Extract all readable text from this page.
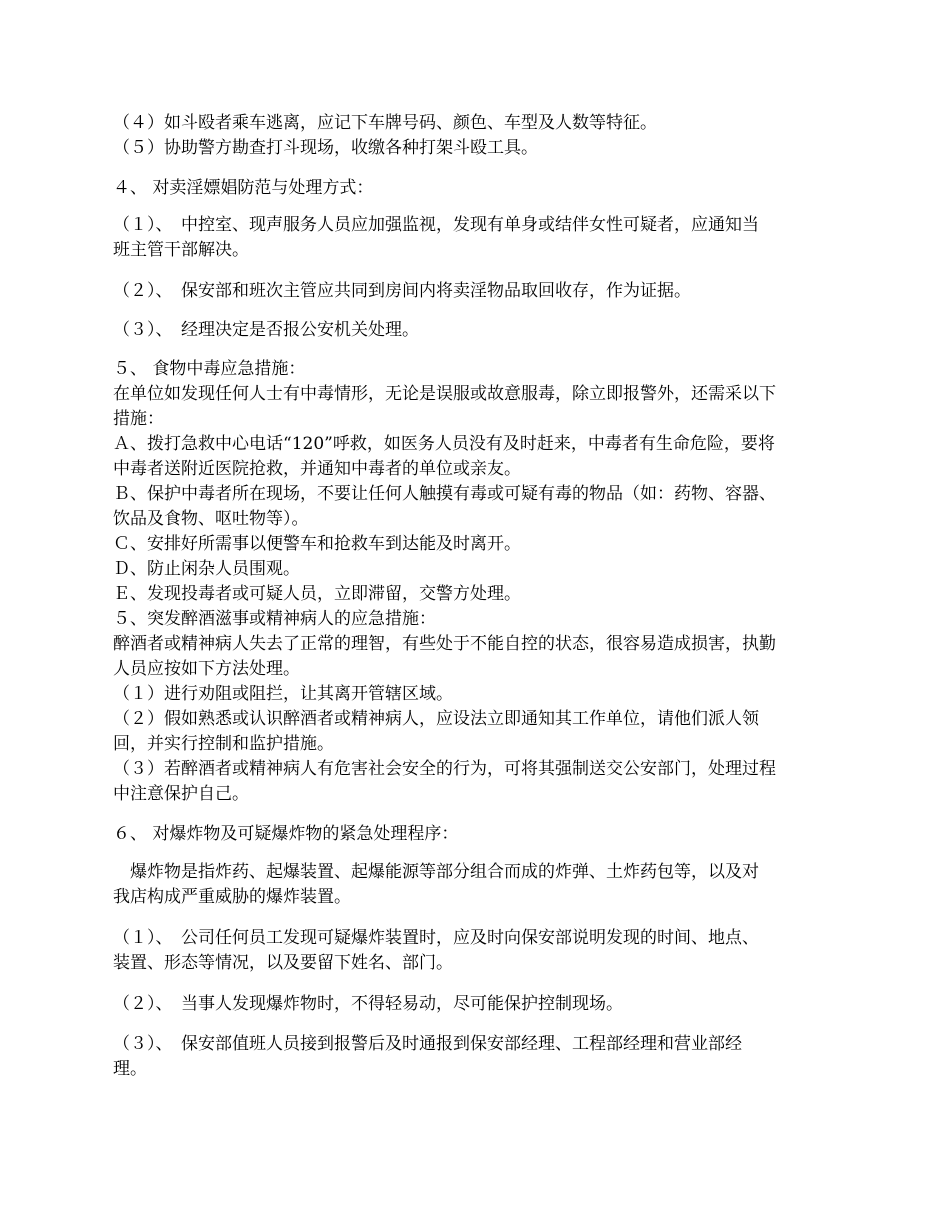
（４）如斗殴者乘车逃离，应记下车牌号码、颜色、车型及人数等特征。
（５）协助警方勘查打斗现场，收缴各种打架斗殴工具。
４、 对卖淫嫖娼防范与处理方式：
（１）、　中控室、现声服务人员应加强监视，发现有单身或结伴女性可疑者，应通知当
班主管干部解决。
（２）、　保安部和班次主管应共同到房间内将卖淫物品取回收存，作为证据。
（３）、　经理决定是否报公安机关处理。
５、 食物中毒应急措施：
在单位如发现任何人士有中毒情形，无论是误服或故意服毒，除立即报警外，还需采以下
措施：
Ａ、拨打急救中心电话“120”呼救，如医务人员没有及时赶来，中毒者有生命危险，要将
中毒者送附近医院抢救，并通知中毒者的单位或亲友。
Ｂ、保护中毒者所在现场，不要让任何人触摸有毒或可疑有毒的物品（如：药物、容器、
饮品及食物、呕吐物等）。
Ｃ、安排好所需事以便警车和抢救车到达能及时离开。
Ｄ、防止闲杂人员围观。
Ｅ、发现投毒者或可疑人员，立即滞留，交警方处理。
５、突发醉酒滋事或精神病人的应急措施：
醉酒者或精神病人失去了正常的理智，有些处于不能自控的状态，很容易造成损害，执勤
人员应按如下方法处理。
（１）进行劝阻或阻拦，让其离开管辖区域。
（２）假如熟悉或认识醉酒者或精神病人，应设法立即通知其工作单位，请他们派人领
回，并实行控制和监护措施。
（３）若醉酒者或精神病人有危害社会安全的行为，可将其强制送交公安部门，处理过程
中注意保护自己。
６、 对爆炸物及可疑爆炸物的紧急处理程序：
　爆炸物是指炸药、起爆装置、起爆能源等部分组合而成的炸弹、土炸药包等，以及对
我店构成严重威胁的爆炸装置。
（１）、　公司任何员工发现可疑爆炸装置时，应及时向保安部说明发现的时间、地点、
装置、形态等情况，以及要留下姓名、部门。
（２）、　当事人发现爆炸物时，不得轻易动，尽可能保护控制现场。
（３）、　保安部值班人员接到报警后及时通报到保安部经理、工程部经理和营业部经
理。
